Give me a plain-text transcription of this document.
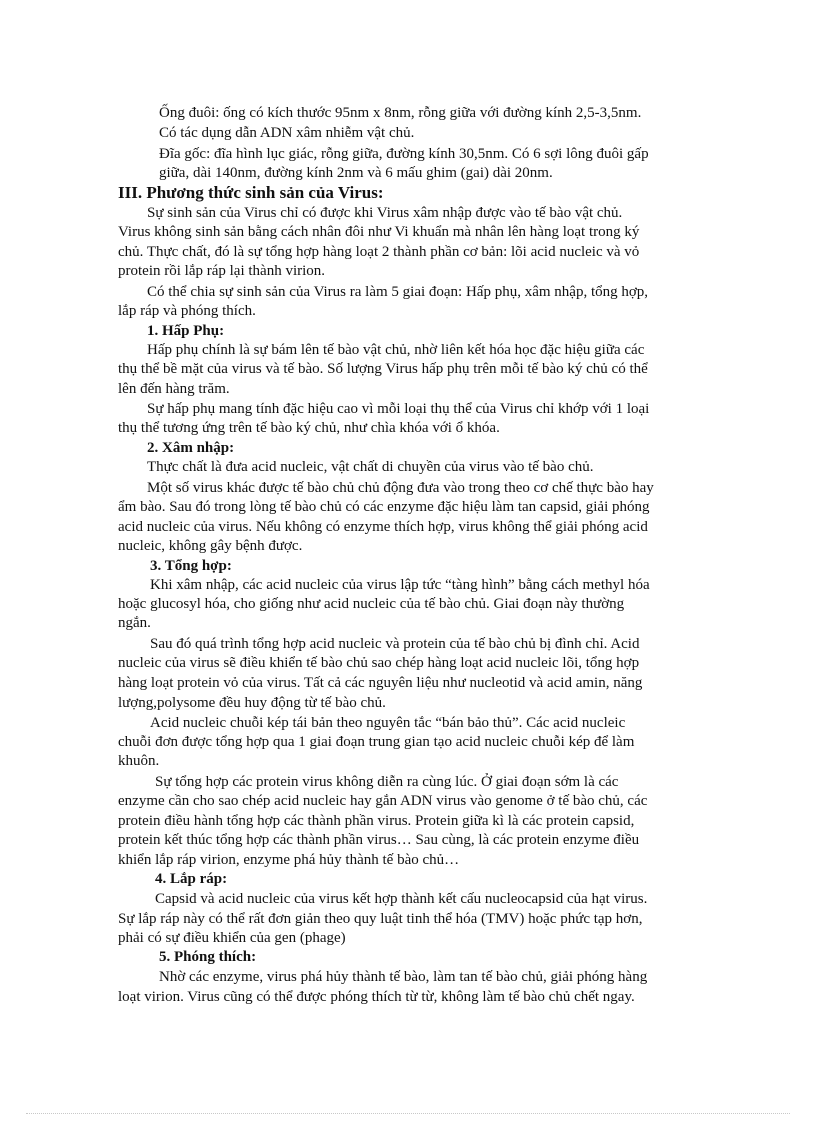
Ống đuôi: ống có kích thước 95nm x 8nm, rỗng giữa với đường kính 2,5-3,5nm.
Có tác dụng dẫn ADN xâm nhiễm vật chủ.
Đĩa gốc: đĩa hình lục giác, rỗng giữa, đường kính 30,5nm. Có 6 sợi lông đuôi gấp
giữa, dài 140nm, đường kính 2nm và 6 mấu ghim (gai) dài 20nm.
III. Phương thức sinh sản của Virus:
Sự sinh sản của Virus chỉ có được khi Virus xâm nhập được vào tế bào vật chủ.
Virus không sinh sản bằng cách nhân đôi như Vi khuẩn mà nhân lên hàng loạt trong ký
chủ. Thực chất, đó là sự tổng hợp hàng loạt 2 thành phần cơ bản: lõi acid nucleic và vỏ
protein rồi lắp ráp lại thành virion.
Có thể chia sự sinh sản của Virus ra làm 5 giai đoạn: Hấp phụ, xâm nhập, tổng hợp,
lắp ráp và phóng thích.
1. Hấp Phụ:
Hấp phụ chính là sự bám lên tế bào vật chủ, nhờ liên kết hóa học đặc hiệu giữa các
thụ thể bề mặt của virus và tế bào. Số lượng Virus hấp phụ trên mỗi tế bào ký chủ có thể
lên đến hàng trăm.
Sự hấp phụ mang tính đặc hiệu cao vì mỗi loại thụ thể của Virus chỉ khớp với 1 loại
thụ thể tương ứng trên tế bào ký chủ, như chìa khóa với ổ khóa.
2. Xâm nhập:
Thực chất là đưa acid nucleic, vật chất di chuyền của virus vào tế bào chủ.
Một số virus khác được tế bào chủ chủ động đưa vào trong theo cơ chế thực bào hay
ẩm bào. Sau đó trong lòng tế bào chủ có các enzyme đặc hiệu làm tan capsid, giải phóng
acid nucleic của virus. Nếu không có enzyme thích hợp, virus không thể giải phóng acid
nucleic, không gây bệnh được.
3. Tổng hợp:
Khi xâm nhập, các acid nucleic của virus lập tức “tàng hình” bằng cách methyl hóa
hoặc glucosyl hóa, cho giống như acid nucleic của tế bào chủ. Giai đoạn này thường
ngắn.
Sau đó quá trình tổng hợp acid nucleic và protein của tế bào chủ bị đình chỉ. Acid
nucleic của virus sẽ điều khiển tế bào chủ sao chép hàng loạt acid nucleic lõi, tổng hợp
hàng loạt protein vỏ của virus. Tất cả các nguyên liệu như nucleotid và acid amin, năng
lượng,polysome đều huy động từ tế bào chủ.
Acid nucleic chuỗi kép tái bản theo nguyên tắc “bán bảo thủ”. Các acid nucleic
chuỗi đơn được tổng hợp qua 1 giai đoạn trung gian tạo acid nucleic chuỗi kép để làm
khuôn.
Sự tổng hợp các protein virus không diễn ra cùng lúc. Ở giai đoạn sớm là các
enzyme cần cho sao chép acid nucleic hay gắn ADN virus vào genome ở tế bào chủ, các
protein điều hành tổng hợp các thành phần virus. Protein giữa kì là các protein capsid,
protein kết thúc tổng hợp các thành phần virus… Sau cùng, là các protein enzyme điều
khiển lắp ráp virion, enzyme phá hủy thành tế bào chủ…
4. Lắp ráp:
Capsid và acid nucleic của virus kết hợp thành kết cấu nucleocapsid của hạt virus.
Sự lắp ráp này có thể rất đơn giản theo quy luật tinh thể hóa (TMV) hoặc phức tạp hơn,
phải có sự điều khiển của gen (phage)
5. Phóng thích:
Nhờ các enzyme, virus phá hủy thành tế bào, làm tan tế bào chủ, giải phóng hàng
loạt virion. Virus cũng có thể được phóng thích từ từ, không làm tế bào chủ chết ngay.
